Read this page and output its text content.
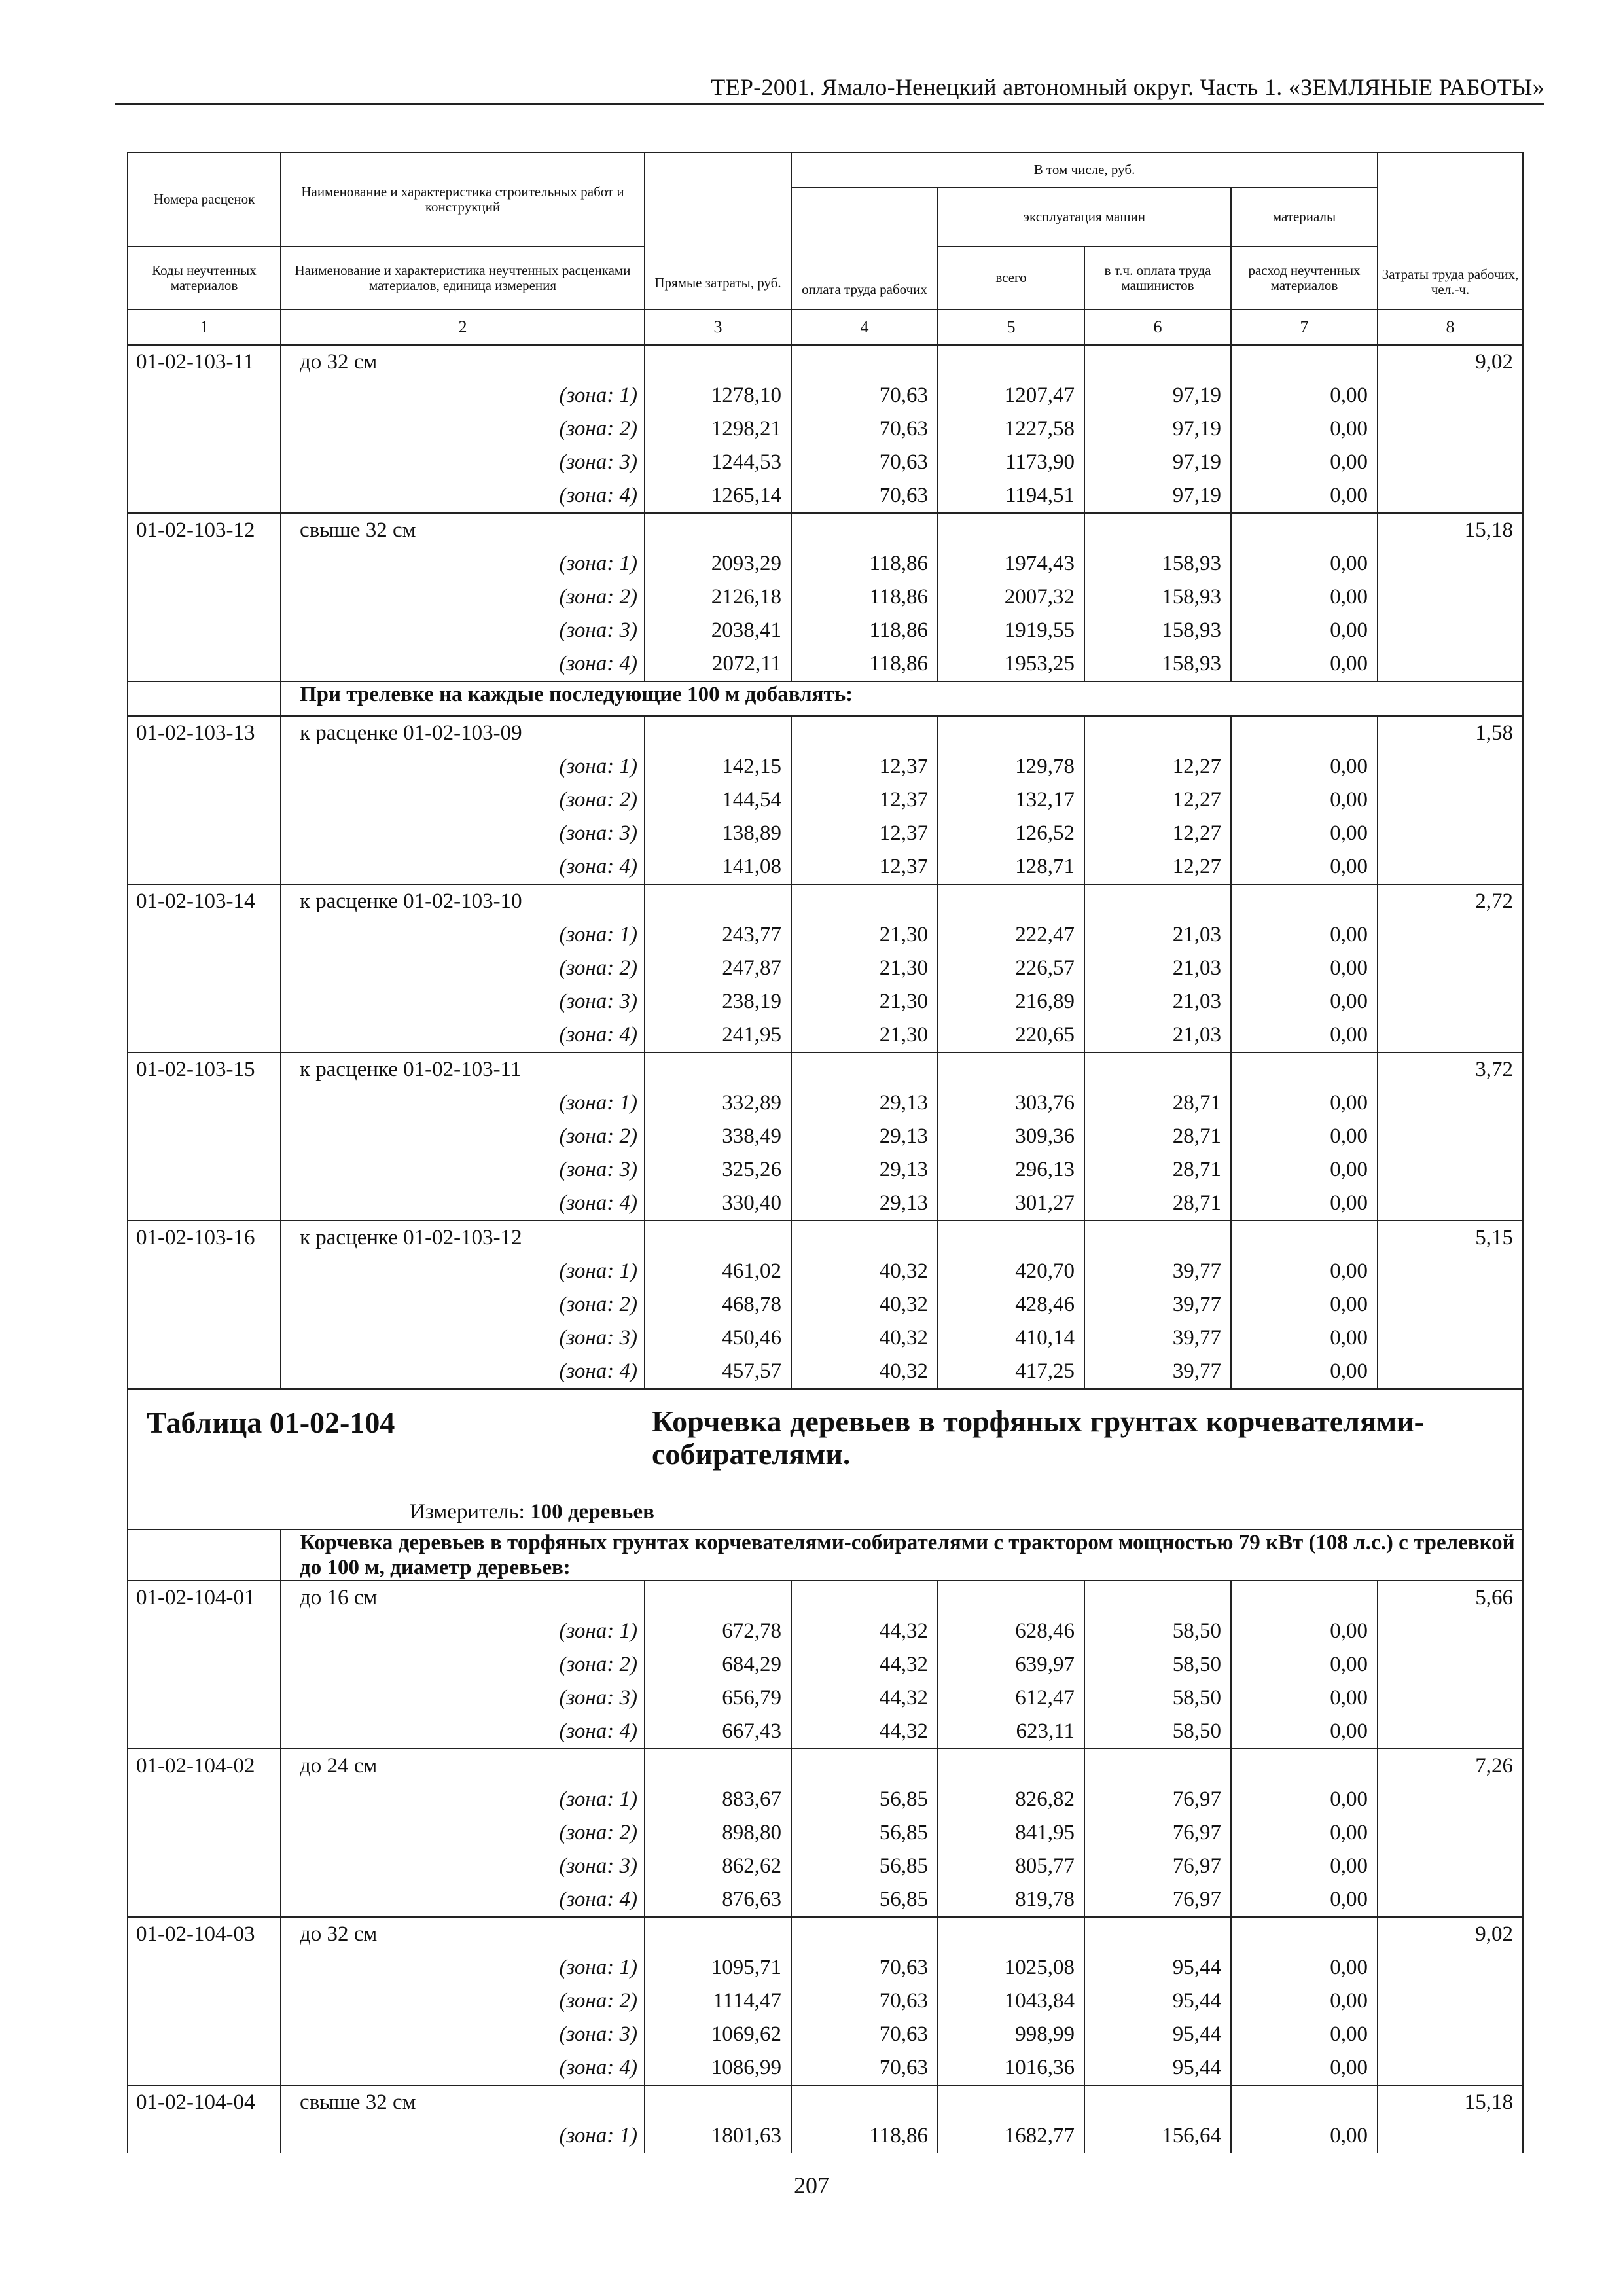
ТЕР-2001. Ямало-Ненецкий автономный округ. Часть 1. «ЗЕМЛЯНЫЕ РАБОТЫ»
Номера расценок	Наименование и характеристика строительных работ и конструкций	Прямые затраты, руб.	В том числе, руб.				Затраты труда рабочих, чел.-ч.
			оплата труда рабочих	эксплуатация машин		материалы	
Коды неучтенных материалов	Наименование и характеристика неучтенных расценками материалов, единица измерения			всего	в т.ч. оплата труда машинистов	расход неучтенных материалов	
1	2	3	4	5	6	7	8
01-02-103-11	до 32 см						9,02
	(зона: 1)	1278,10	70,63	1207,47	97,19	0,00	
	(зона: 2)	1298,21	70,63	1227,58	97,19	0,00	
	(зона: 3)	1244,53	70,63	1173,90	97,19	0,00	
	(зона: 4)	1265,14	70,63	1194,51	97,19	0,00	
01-02-103-12	свыше 32 см						15,18
	(зона: 1)	2093,29	118,86	1974,43	158,93	0,00	
	(зона: 2)	2126,18	118,86	2007,32	158,93	0,00	
	(зона: 3)	2038,41	118,86	1919,55	158,93	0,00	
	(зона: 4)	2072,11	118,86	1953,25	158,93	0,00	
	При трелевке на каждые последующие 100 м добавлять:						
01-02-103-13	к расценке 01-02-103-09						1,58
	(зона: 1)	142,15	12,37	129,78	12,27	0,00	
	(зона: 2)	144,54	12,37	132,17	12,27	0,00	
	(зона: 3)	138,89	12,37	126,52	12,27	0,00	
	(зона: 4)	141,08	12,37	128,71	12,27	0,00	
01-02-103-14	к расценке 01-02-103-10						2,72
	(зона: 1)	243,77	21,30	222,47	21,03	0,00	
	(зона: 2)	247,87	21,30	226,57	21,03	0,00	
	(зона: 3)	238,19	21,30	216,89	21,03	0,00	
	(зона: 4)	241,95	21,30	220,65	21,03	0,00	
01-02-103-15	к расценке 01-02-103-11						3,72
	(зона: 1)	332,89	29,13	303,76	28,71	0,00	
	(зона: 2)	338,49	29,13	309,36	28,71	0,00	
	(зона: 3)	325,26	29,13	296,13	28,71	0,00	
	(зона: 4)	330,40	29,13	301,27	28,71	0,00	
01-02-103-16	к расценке 01-02-103-12						5,15
	(зона: 1)	461,02	40,32	420,70	39,77	0,00	
	(зона: 2)	468,78	40,32	428,46	39,77	0,00	
	(зона: 3)	450,46	40,32	410,14	39,77	0,00	
	(зона: 4)	457,57	40,32	417,25	39,77	0,00	

Таблица 01-02-104 Корчевка деревьев в торфяных грунтах корчевателями-собирателями.							

Измеритель: 100 деревьев							
	Корчевка деревьев в торфяных грунтах корчевателями-собирателями с трактором мощностью 79 кВт (108 л.с.) с трелевкой до 100 м, диаметр деревьев:						
01-02-104-01	до 16 см						5,66
	(зона: 1)	672,78	44,32	628,46	58,50	0,00	
	(зона: 2)	684,29	44,32	639,97	58,50	0,00	
	(зона: 3)	656,79	44,32	612,47	58,50	0,00	
	(зона: 4)	667,43	44,32	623,11	58,50	0,00	
01-02-104-02	до 24 см						7,26
	(зона: 1)	883,67	56,85	826,82	76,97	0,00	
	(зона: 2)	898,80	56,85	841,95	76,97	0,00	
	(зона: 3)	862,62	56,85	805,77	76,97	0,00	
	(зона: 4)	876,63	56,85	819,78	76,97	0,00	
01-02-104-03	до 32 см						9,02
	(зона: 1)	1095,71	70,63	1025,08	95,44	0,00	
	(зона: 2)	1114,47	70,63	1043,84	95,44	0,00	
	(зона: 3)	1069,62	70,63	998,99	95,44	0,00	
	(зона: 4)	1086,99	70,63	1016,36	95,44	0,00	
01-02-104-04	свыше 32 см						15,18
	(зона: 1)	1801,63	118,86	1682,77	156,64	0,00	
207
